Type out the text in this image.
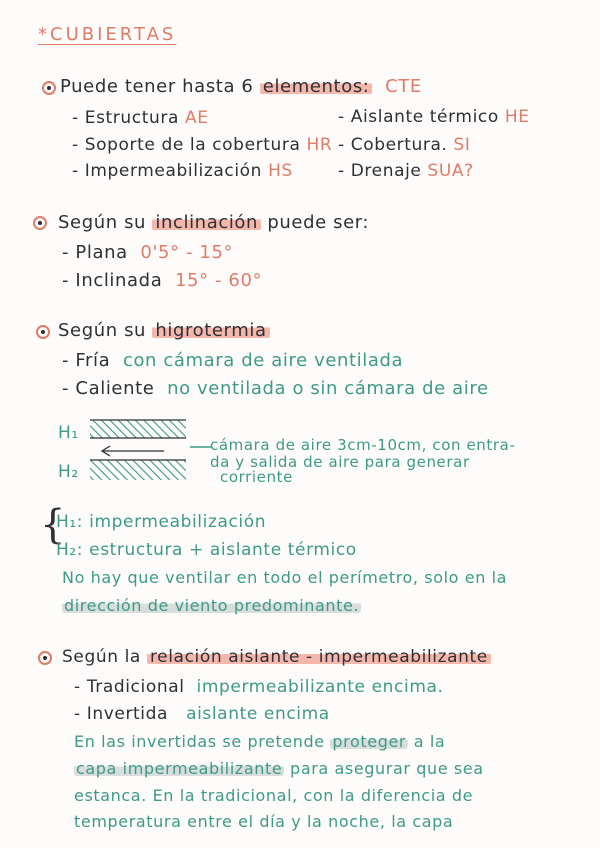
*CUBIERTAS
Puede tener hasta 6 elementos: CTE
- Estructura AE
- Soporte de la cobertura HR
- Impermeabilización HS
- Aislante térmico HE
- Cobertura. SI
- Drenaje SUA?
Según su inclinación puede ser:
- Plana 0'5° - 15°
- Inclinada 15° - 60°
Según su higrotermia
- Fría con cámara de aire ventilada
- Caliente no ventilada o sin cámara de aire
H₁
H₂
cámara de aire 3cm-10cm, con entra-
da y salida de aire para generar
corriente
{
H₁: impermeabilización
H₂: estructura + aislante térmico
No hay que ventilar en todo el perímetro, solo en la
dirección de viento predominante.
Según la relación aislante - impermeabilizante
- Tradicional impermeabilizante encima.
- Invertida aislante encima
En las invertidas se pretende proteger a la
capa impermeabilizante para asegurar que sea
estanca. En la tradicional, con la diferencia de
temperatura entre el día y la noche, la capa
